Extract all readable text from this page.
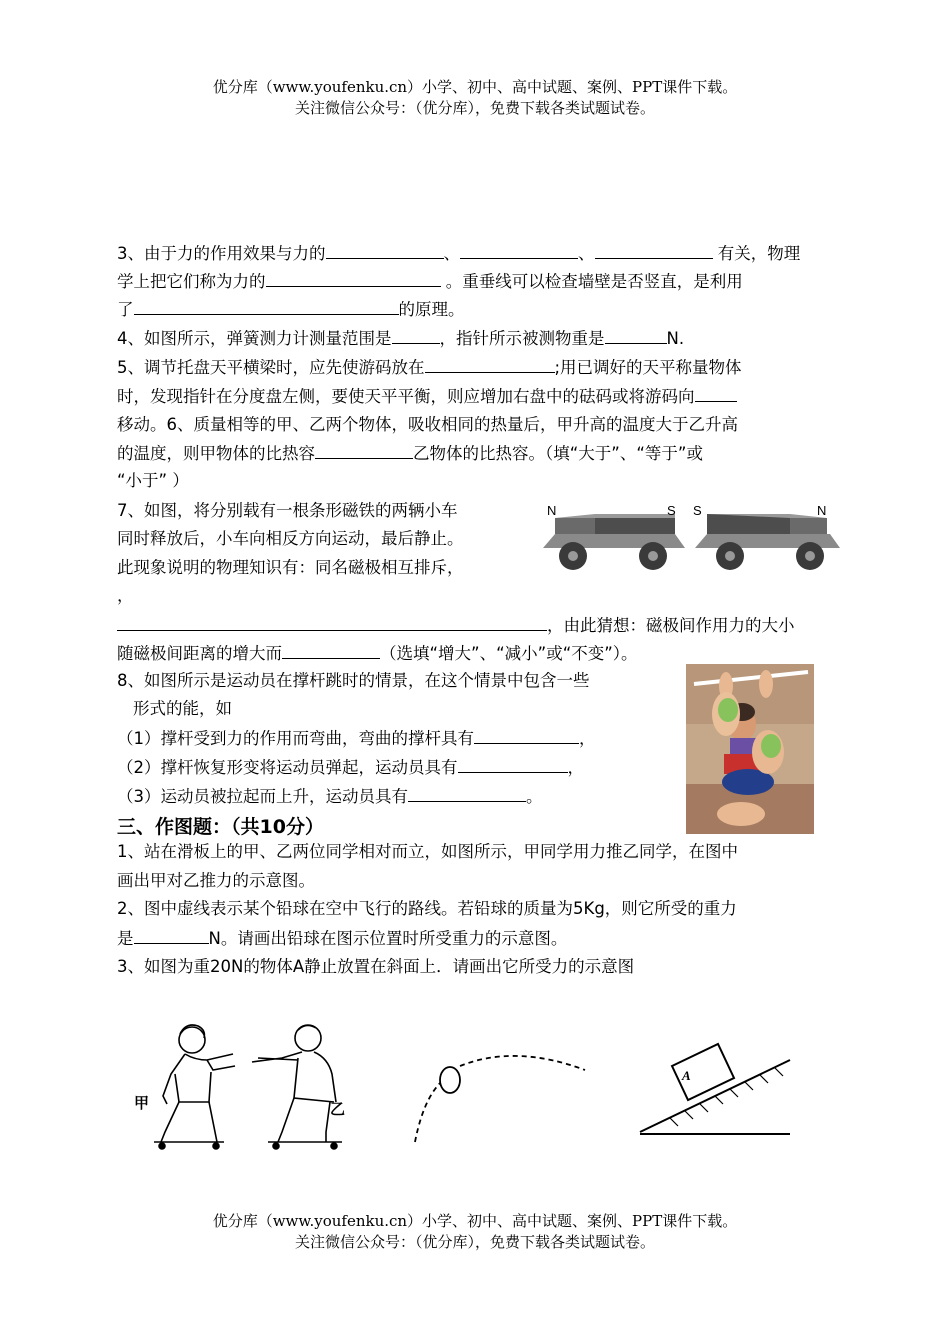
优分库（www.youfenku.cn）小学、初中、高中试题、案例、PPT课件下载。
关注微信公众号：（优分库），免费下载各类试题试卷。
3、由于力的作用效果与力的	、	、	有关，物理
学上把它们称为力的	。重垂线可以检查墙壁是否竖直，是利用
了	的原理。
4、如图所示，弹簧测力计测量范围是	，指针所示被测物重是	N.
5、调节托盘天平横梁时，应先使游码放在	;用已调好的天平称量物体
时，发现指针在分度盘左侧，要使天平平衡，则应增加右盘中的砝码或将游码向
移动。6、质量相等的甲、乙两个物体，吸收相同的热量后，甲升高的温度大于乙升高
的温度，则甲物体的比热容	乙物体的比热容。（填“大于”、“等于”或
“小于” ）
7、如图，将分别载有一根条形磁铁的两辆小车
同时释放后，小车向相反方向运动，最后静止。
此现象说明的物理知识有：同名磁极相互排斥，
，
，由此猜想：磁极间作用力的大小
随磁极间距离的增大而	（选填“增大”、“减小”或“不变”）。
N	S S	N
8、如图所示是运动员在撑杆跳时的情景，在这个情景中包含一些
形式的能，如
（1）撑杆受到力的作用而弯曲，弯曲的撑杆具有	，
（2）撑杆恢复形变将运动员弹起，运动员具有	，
（3）运动员被拉起而上升，运动员具有	。
三、作图题：（共10分）
1、站在滑板上的甲、乙两位同学相对而立，如图所示，甲同学用力推乙同学，在图中
画出甲对乙推力的示意图。
2、图中虚线表示某个铅球在空中飞行的路线。若铅球的质量为5Kg，则它所受的重力
是	N。请画出铅球在图示位置时所受重力的示意图。
3、如图为重20N的物体A静止放置在斜面上．请画出它所受力的示意图
甲	乙
A
优分库（www.youfenku.cn）小学、初中、高中试题、案例、PPT课件下载。
关注微信公众号：（优分库），免费下载各类试题试卷。
